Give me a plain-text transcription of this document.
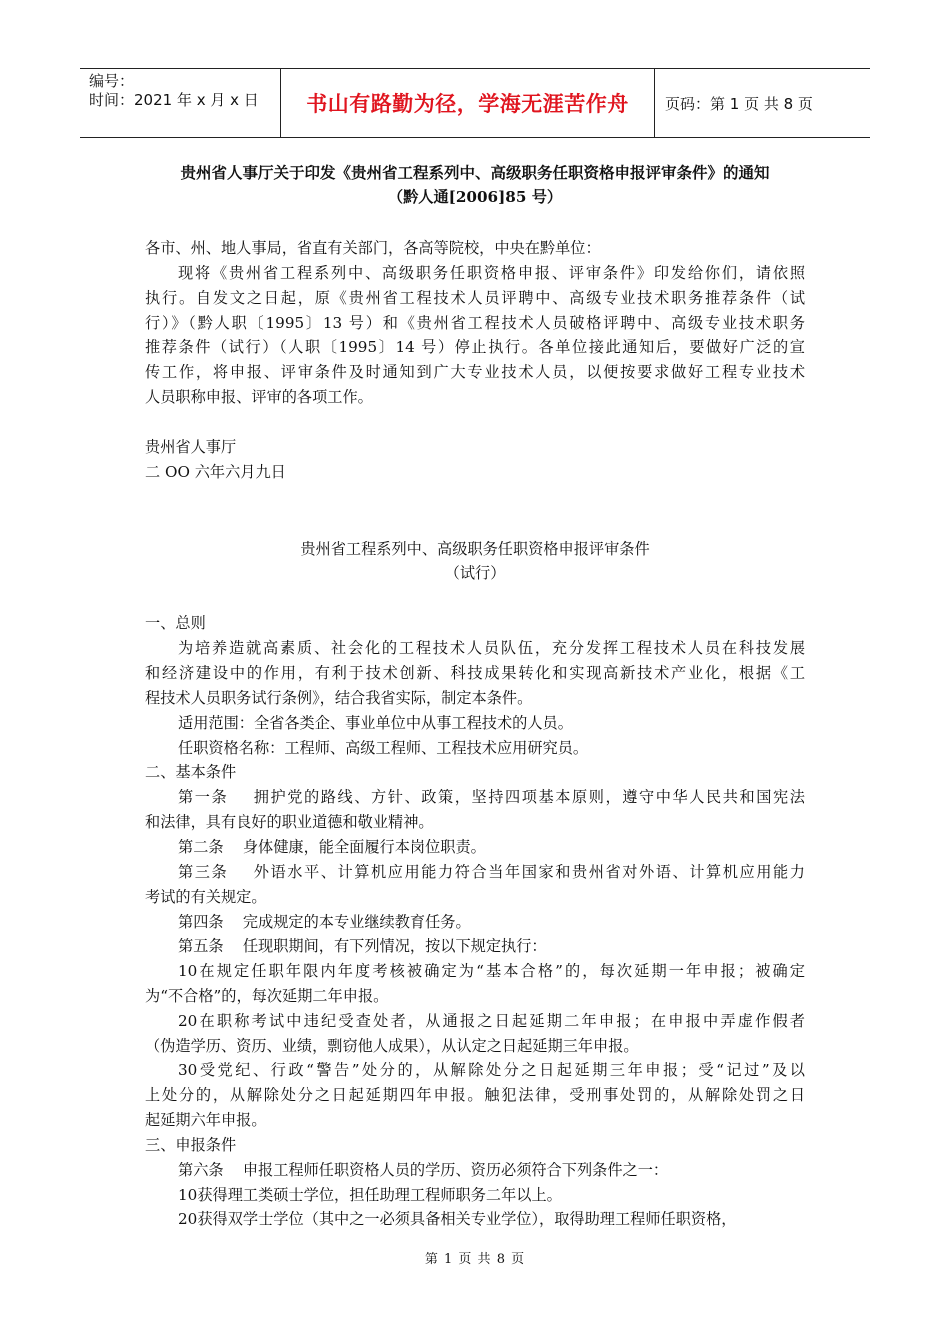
编号：
时间：2021 年 x 月 x 日	书山有路勤为径，学海无涯苦作舟	页码：第 1 页 共 8 页
贵州省人事厅关于印发《贵州省工程系列中、高级职务任职资格申报评审条件》的通知
（黔人通[2006]85 号）
各市、州、地人事局，省直有关部门，各高等院校，中央在黔单位：
现将《贵州省工程系列中、高级职务任职资格申报、评审条件》印发给你们，请依照
执行。自发文之日起，原《贵州省工程技术人员评聘中、高级专业技术职务推荐条件（试
行）》（黔人职〔1995〕13 号）和《贵州省工程技术人员破格评聘中、高级专业技术职务
推荐条件（试行）（人职〔1995〕14 号）停止执行。各单位接此通知后，要做好广泛的宣
传工作，将申报、评审条件及时通知到广大专业技术人员，以便按要求做好工程专业技术
人员职称申报、评审的各项工作。
贵州省人事厅
二 OO 六年六月九日
贵州省工程系列中、高级职务任职资格申报评审条件
（试行）
一、总则
为培养造就高素质、社会化的工程技术人员队伍，充分发挥工程技术人员在科技发展
和经济建设中的作用，有利于技术创新、科技成果转化和实现高新技术产业化，根据《工
程技术人员职务试行条例》，结合我省实际，制定本条件。
适用范围：全省各类企、事业单位中从事工程技术的人员。
任职资格名称：工程师、高级工程师、工程技术应用研究员。
二、基本条件
第一条    拥护党的路线、方针、政策，坚持四项基本原则，遵守中华人民共和国宪法
和法律，具有良好的职业道德和敬业精神。
第二条    身体健康，能全面履行本岗位职责。
第三条    外语水平、计算机应用能力符合当年国家和贵州省对外语、计算机应用能力
考试的有关规定。
第四条    完成规定的本专业继续教育任务。
第五条    任现职期间，有下列情况，按以下规定执行：
10在规定任职年限内年度考核被确定为“基本合格”的，每次延期一年申报；被确定
为“不合格”的，每次延期二年申报。
20在职称考试中违纪受查处者，从通报之日起延期二年申报；在申报中弄虚作假者
（伪造学历、资历、业绩，剽窃他人成果），从认定之日起延期三年申报。
30受党纪、行政“警告”处分的，从解除处分之日起延期三年申报；受“记过”及以
上处分的，从解除处分之日起延期四年申报。触犯法律，受刑事处罚的，从解除处罚之日
起延期六年申报。
三、申报条件
第六条    申报工程师任职资格人员的学历、资历必须符合下列条件之一：
10获得理工类硕士学位，担任助理工程师职务二年以上。
20获得双学士学位（其中之一必须具备相关专业学位），取得助理工程师任职资格，
第 1 页 共 8 页
